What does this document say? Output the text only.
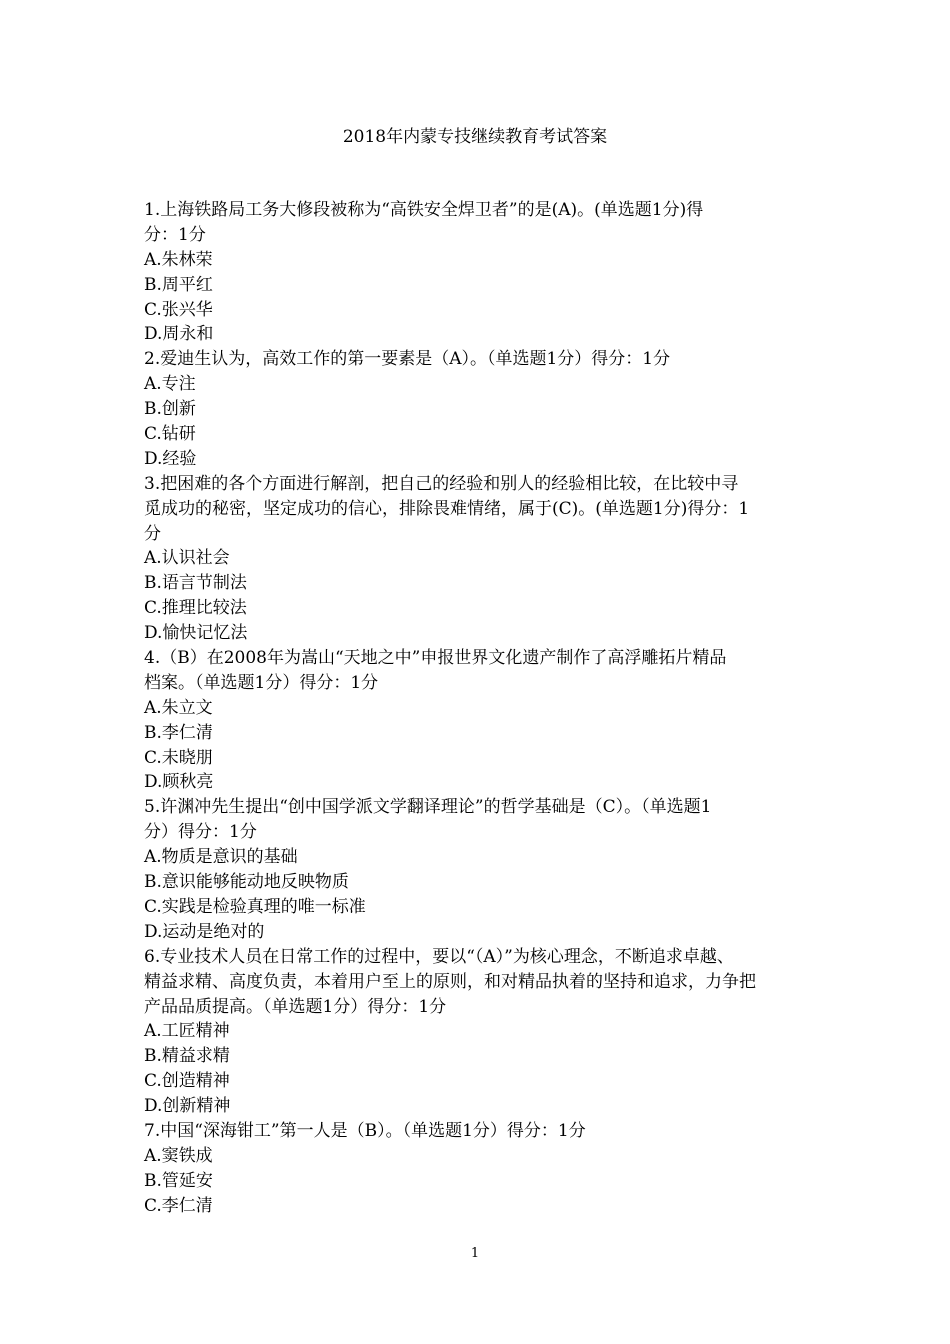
2018年内蒙专技继续教育考试答案
1.上海铁路局工务大修段被称为“高铁安全焊卫者”的是(A)。(单选题1分)得
分：1分
A.朱林荣
B.周平红
C.张兴华
D.周永和
2.爱迪生认为，高效工作的第一要素是（A）。（单选题1分）得分：1分
A.专注
B.创新
C.钻研
D.经验
3.把困难的各个方面进行解剖，把自己的经验和别人的经验相比较，在比较中寻
觅成功的秘密，坚定成功的信心，排除畏难情绪，属于(C)。(单选题1分)得分：1
分
A.认识社会
B.语言节制法
C.推理比较法
D.愉快记忆法
4.（B）在2008年为嵩山“天地之中”申报世界文化遗产制作了高浮雕拓片精品
档案。（单选题1分）得分：1分
A.朱立文
B.李仁清
C.未晓朋
D.顾秋亮
5.许渊冲先生提出“创中国学派文学翻译理论”的哲学基础是（C）。（单选题1
分）得分：1分
A.物质是意识的基础
B.意识能够能动地反映物质
C.实践是检验真理的唯一标准
D.运动是绝对的
6.专业技术人员在日常工作的过程中，要以“（A）”为核心理念，不断追求卓越、
精益求精、高度负责，本着用户至上的原则，和对精品执着的坚持和追求，力争把
产品品质提高。（单选题1分）得分：1分
A.工匠精神
B.精益求精
C.创造精神
D.创新精神
7.中国“深海钳工”第一人是（B）。（单选题1分）得分：1分
A.窦铁成
B.管延安
C.李仁清
1
